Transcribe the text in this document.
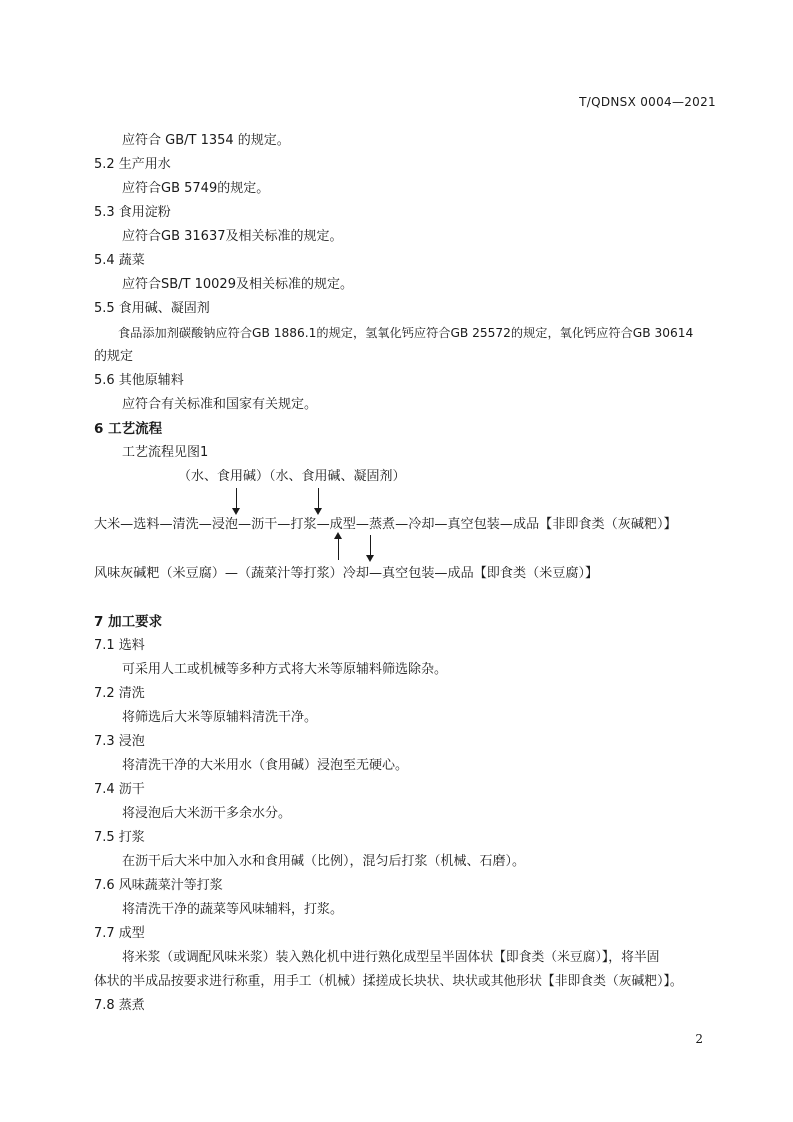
T/QDNSX 0004—2021
应符合 GB/T 1354 的规定。
5.2 生产用水
应符合GB 5749的规定。
5.3 食用淀粉
应符合GB 31637及相关标准的规定。
5.4 蔬菜
应符合SB/T 10029及相关标准的规定。
5.5 食用碱、凝固剂
食品添加剂碳酸钠应符合GB 1886.1的规定，氢氧化钙应符合GB 25572的规定，氧化钙应符合GB 30614
的规定
5.6 其他原辅料
应符合有关标准和国家有关规定。
6 工艺流程
工艺流程见图1
（水、食用碱）（水、食用碱、凝固剂）
大米—选料—清洗—浸泡—沥干—打浆—成型—蒸煮—冷却—真空包装—成品【非即食类（灰碱粑）】
风味灰碱粑（米豆腐）—（蔬菜汁等打浆）冷却—真空包装—成品【即食类（米豆腐）】
7 加工要求
7.1 选料
可采用人工或机械等多种方式将大米等原辅料筛选除杂。
7.2 清洗
将筛选后大米等原辅料清洗干净。
7.3 浸泡
将清洗干净的大米用水（食用碱）浸泡至无硬心。
7.4 沥干
将浸泡后大米沥干多余水分。
7.5 打浆
在沥干后大米中加入水和食用碱（比例），混匀后打浆（机械、石磨）。
7.6 风味蔬菜汁等打浆
将清洗干净的蔬菜等风味辅料，打浆。
7.7 成型
将米浆（或调配风味米浆）装入熟化机中进行熟化成型呈半固体状【即食类（米豆腐）】，将半固
体状的半成品按要求进行称重，用手工（机械）揉搓成长块状、块状或其他形状【非即食类（灰碱粑）】。
7.8 蒸煮
2
